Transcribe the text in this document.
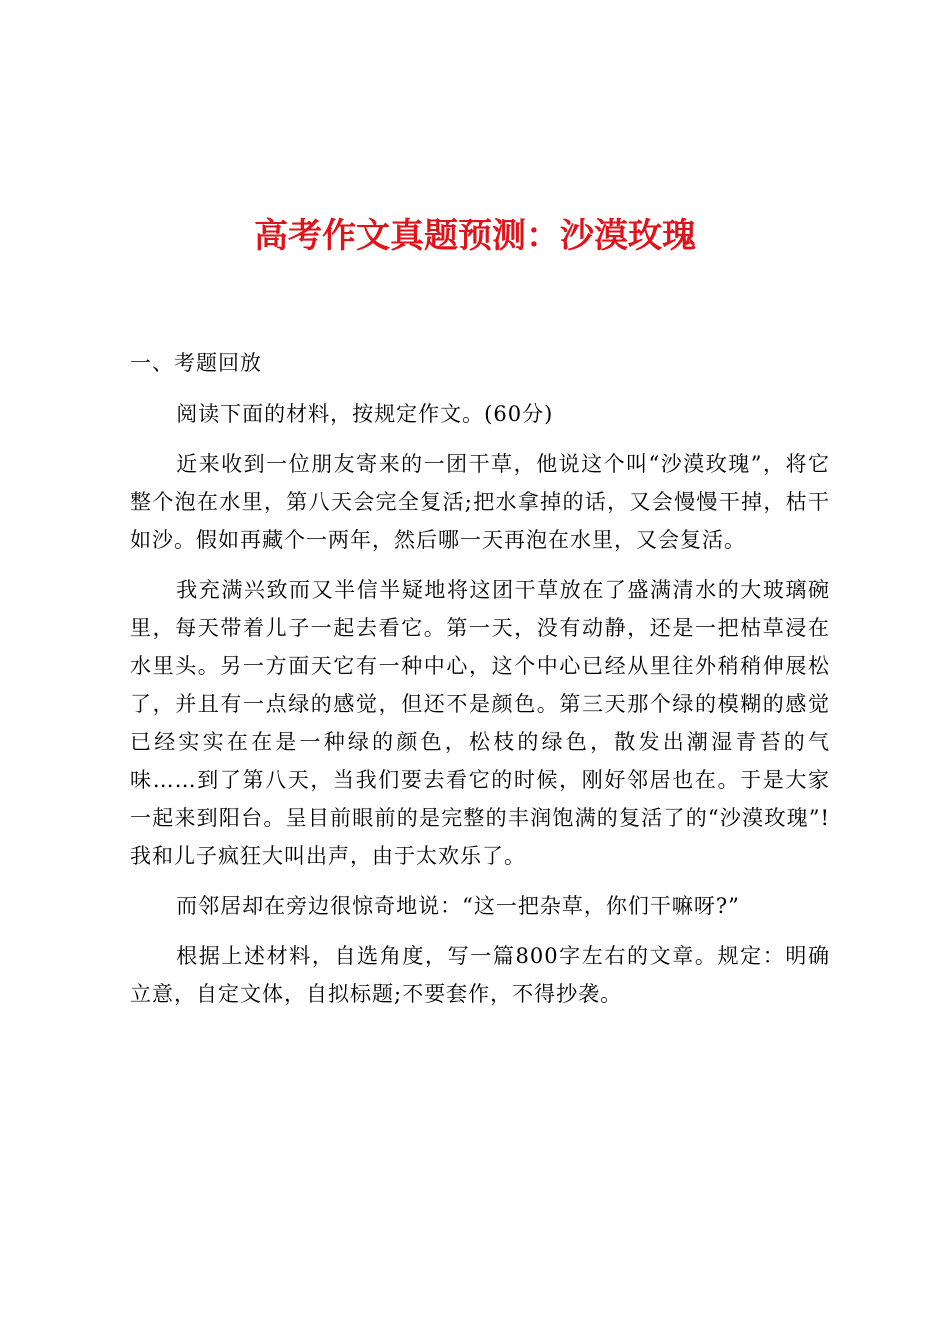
高考作文真题预测：沙漠玫瑰

一、考题回放

阅读下面的材料，按规定作文。(60分)

近来收到一位朋友寄来的一团干草，他说这个叫“沙漠玫瑰”，将它整个泡在水里，第八天会完全复活;把水拿掉的话，又会慢慢干掉，枯干如沙。假如再藏个一两年，然后哪一天再泡在水里，又会复活。

我充满兴致而又半信半疑地将这团干草放在了盛满清水的大玻璃碗里，每天带着儿子一起去看它。第一天，没有动静，还是一把枯草浸在水里头。另一方面天它有一种中心，这个中心已经从里往外稍稍伸展松了，并且有一点绿的感觉，但还不是颜色。第三天那个绿的模糊的感觉已经实实在在是一种绿的颜色，松枝的绿色，散发出潮湿青苔的气味……到了第八天，当我们要去看它的时候，刚好邻居也在。于是大家一起来到阳台。呈目前眼前的是完整的丰润饱满的复活了的“沙漠玫瑰”!我和儿子疯狂大叫出声，由于太欢乐了。

而邻居却在旁边很惊奇地说：“这一把杂草，你们干嘛呀?”

根据上述材料，自选角度，写一篇800字左右的文章。规定：明确立意，自定文体，自拟标题;不要套作，不得抄袭。
